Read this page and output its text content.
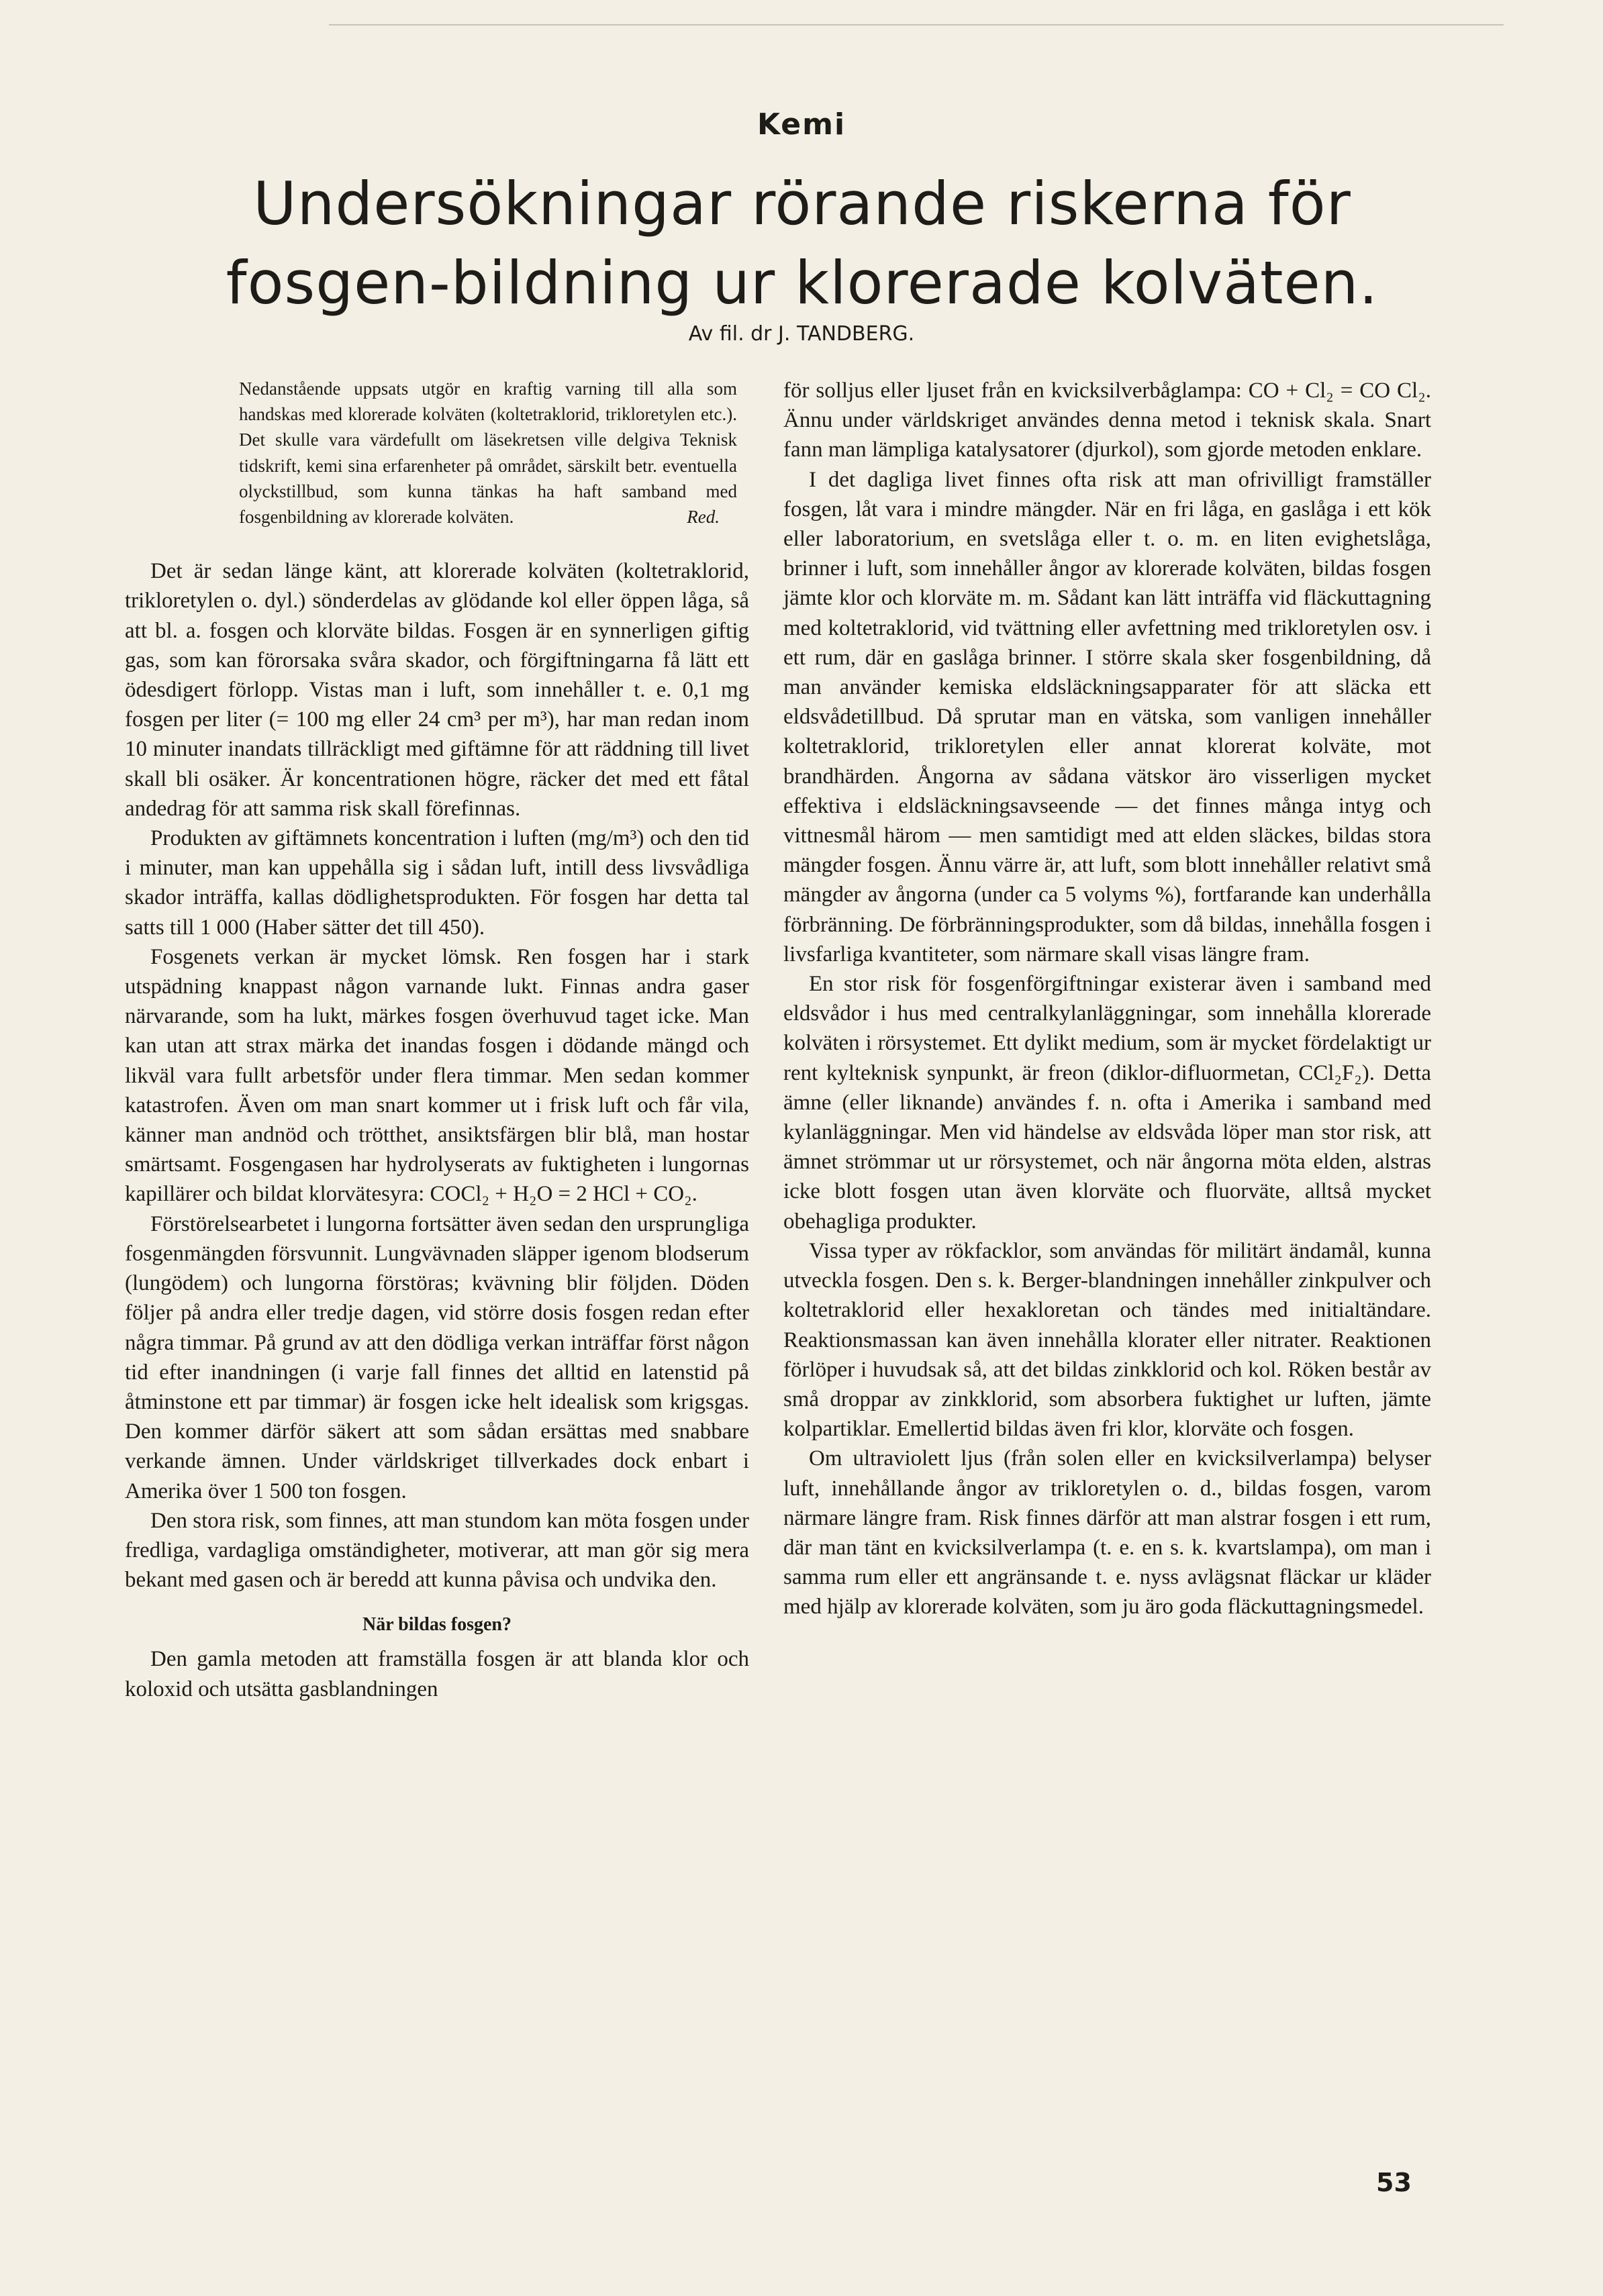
Kemi
Undersökningar rörande riskerna för fosgen-bildning ur klorerade kolväten.
Av fil. dr J. TANDBERG.
Nedanstående uppsats utgör en kraftig varning till alla som handskas med klorerade kolväten (koltetraklorid, trikloretylen etc.). Det skulle vara värdefullt om läsekretsen ville delgiva Teknisk tidskrift, kemi sina erfarenheter på området, särskilt betr. eventuella olyckstillbud, som kunna tänkas ha haft samband med fosgenbildning av klorerade kolväten.	Red.

Det är sedan länge känt, att klorerade kolväten (koltetraklorid, trikloretylen o. dyl.) sönderdelas av glödande kol eller öppen låga, så att bl. a. fosgen och klorväte bildas. Fosgen är en synnerligen giftig gas, som kan förorsaka svåra skador, och förgiftningarna få lätt ett ödesdigert förlopp. Vistas man i luft, som innehåller t. e. 0,1 mg fosgen per liter (= 100 mg eller 24 cm³ per m³), har man redan inom 10 minuter inandats tillräckligt med giftämne för att räddning till livet skall bli osäker. Är koncentrationen högre, räcker det med ett fåtal andedrag för att samma risk skall förefinnas.

Produkten av giftämnets koncentration i luften (mg/m³) och den tid i minuter, man kan uppehålla sig i sådan luft, intill dess livsvådliga skador inträffa, kallas dödlighetsprodukten. För fosgen har detta tal satts till 1 000 (Haber sätter det till 450).

Fosgenets verkan är mycket lömsk. Ren fosgen har i stark utspädning knappast någon varnande lukt. Finnas andra gaser närvarande, som ha lukt, märkes fosgen överhuvud taget icke. Man kan utan att strax märka det inandas fosgen i dödande mängd och likväl vara fullt arbetsför under flera timmar. Men sedan kommer katastrofen. Även om man snart kommer ut i frisk luft och får vila, känner man andnöd och trötthet, ansiktsfärgen blir blå, man hostar smärtsamt. Fosgengasen har hydrolyserats av fuktigheten i lungornas kapillärer och bildat klorvätesyra: COCl₂ + H₂O = 2 HCl + CO₂.

Förstörelsearbetet i lungorna fortsätter även sedan den ursprungliga fosgenmängden försvunnit. Lungvävnaden släpper igenom blodserum (lungödem) och lungorna förstöras; kvävning blir följden. Döden följer på andra eller tredje dagen, vid större dosis fosgen redan efter några timmar. På grund av att den dödliga verkan inträffar först någon tid efter inandningen (i varje fall finnes det alltid en latenstid på åtminstone ett par timmar) är fosgen icke helt idealisk som krigsgas. Den kommer därför säkert att som sådan ersättas med snabbare verkande ämnen. Under världskriget tillverkades dock enbart i Amerika över 1 500 ton fosgen.

Den stora risk, som finnes, att man stundom kan möta fosgen under fredliga, vardagliga omständigheter, motiverar, att man gör sig mera bekant med gasen och är beredd att kunna påvisa och undvika den.

När bildas fosgen?

Den gamla metoden att framställa fosgen är att blanda klor och koloxid och utsätta gasblandningen

för solljus eller ljuset från en kvicksilverbåglampa: CO + Cl₂ = CO Cl₂. Ännu under världskriget användes denna metod i teknisk skala. Snart fann man lämpliga katalysatorer (djurkol), som gjorde metoden enklare.

I det dagliga livet finnes ofta risk att man ofrivilligt framställer fosgen, låt vara i mindre mängder. När en fri låga, en gaslåga i ett kök eller laboratorium, en svetslåga eller t. o. m. en liten evighetslåga, brinner i luft, som innehåller ångor av klorerade kolväten, bildas fosgen jämte klor och klorväte m. m. Sådant kan lätt inträffa vid fläckuttagning med koltetraklorid, vid tvättning eller avfettning med trikloretylen osv. i ett rum, där en gaslåga brinner. I större skala sker fosgenbildning, då man använder kemiska eldsläckningsapparater för att släcka ett eldsvådetillbud. Då sprutar man en vätska, som vanligen innehåller koltetraklorid, trikloretylen eller annat klorerat kolväte, mot brandhärden. Ångorna av sådana vätskor äro visserligen mycket effektiva i eldsläckningsavseende — det finnes många intyg och vittnesmål härom — men samtidigt med att elden släckes, bildas stora mängder fosgen. Ännu värre är, att luft, som blott innehåller relativt små mängder av ångorna (under ca 5 volyms %), fortfarande kan underhålla förbränning. De förbränningsprodukter, som då bildas, innehålla fosgen i livsfarliga kvantiteter, som närmare skall visas längre fram.

En stor risk för fosgenförgiftningar existerar även i samband med eldsvådor i hus med centralkylanläggningar, som innehålla klorerade kolväten i rörsystemet. Ett dylikt medium, som är mycket fördelaktigt ur rent kylteknisk synpunkt, är freon (diklor-difluormetan, CCl₂F₂). Detta ämne (eller liknande) användes f. n. ofta i Amerika i samband med kylanläggningar. Men vid händelse av eldsvåda löper man stor risk, att ämnet strömmar ut ur rörsystemet, och när ångorna möta elden, alstras icke blott fosgen utan även klorväte och fluorväte, alltså mycket obehagliga produkter.

Vissa typer av rökfacklor, som användas för militärt ändamål, kunna utveckla fosgen. Den s. k. Berger-blandningen innehåller zinkpulver och koltetraklorid eller hexakloretan och tändes med initialtändare. Reaktionsmassan kan även innehålla klorater eller nitrater. Reaktionen förlöper i huvudsak så, att det bildas zinkklorid och kol. Röken består av små droppar av zinkklorid, som absorbera fuktighet ur luften, jämte kolpartiklar. Emellertid bildas även fri klor, klorväte och fosgen.

Om ultraviolett ljus (från solen eller en kvicksilverlampa) belyser luft, innehållande ångor av trikloretylen o. d., bildas fosgen, varom närmare längre fram. Risk finnes därför att man alstrar fosgen i ett rum, där man tänt en kvicksilverlampa (t. e. en s. k. kvartslampa), om man i samma rum eller ett angränsande t. e. nyss avlägsnat fläckar ur kläder med hjälp av klorerade kolväten, som ju äro goda fläckuttagningsmedel.

53
